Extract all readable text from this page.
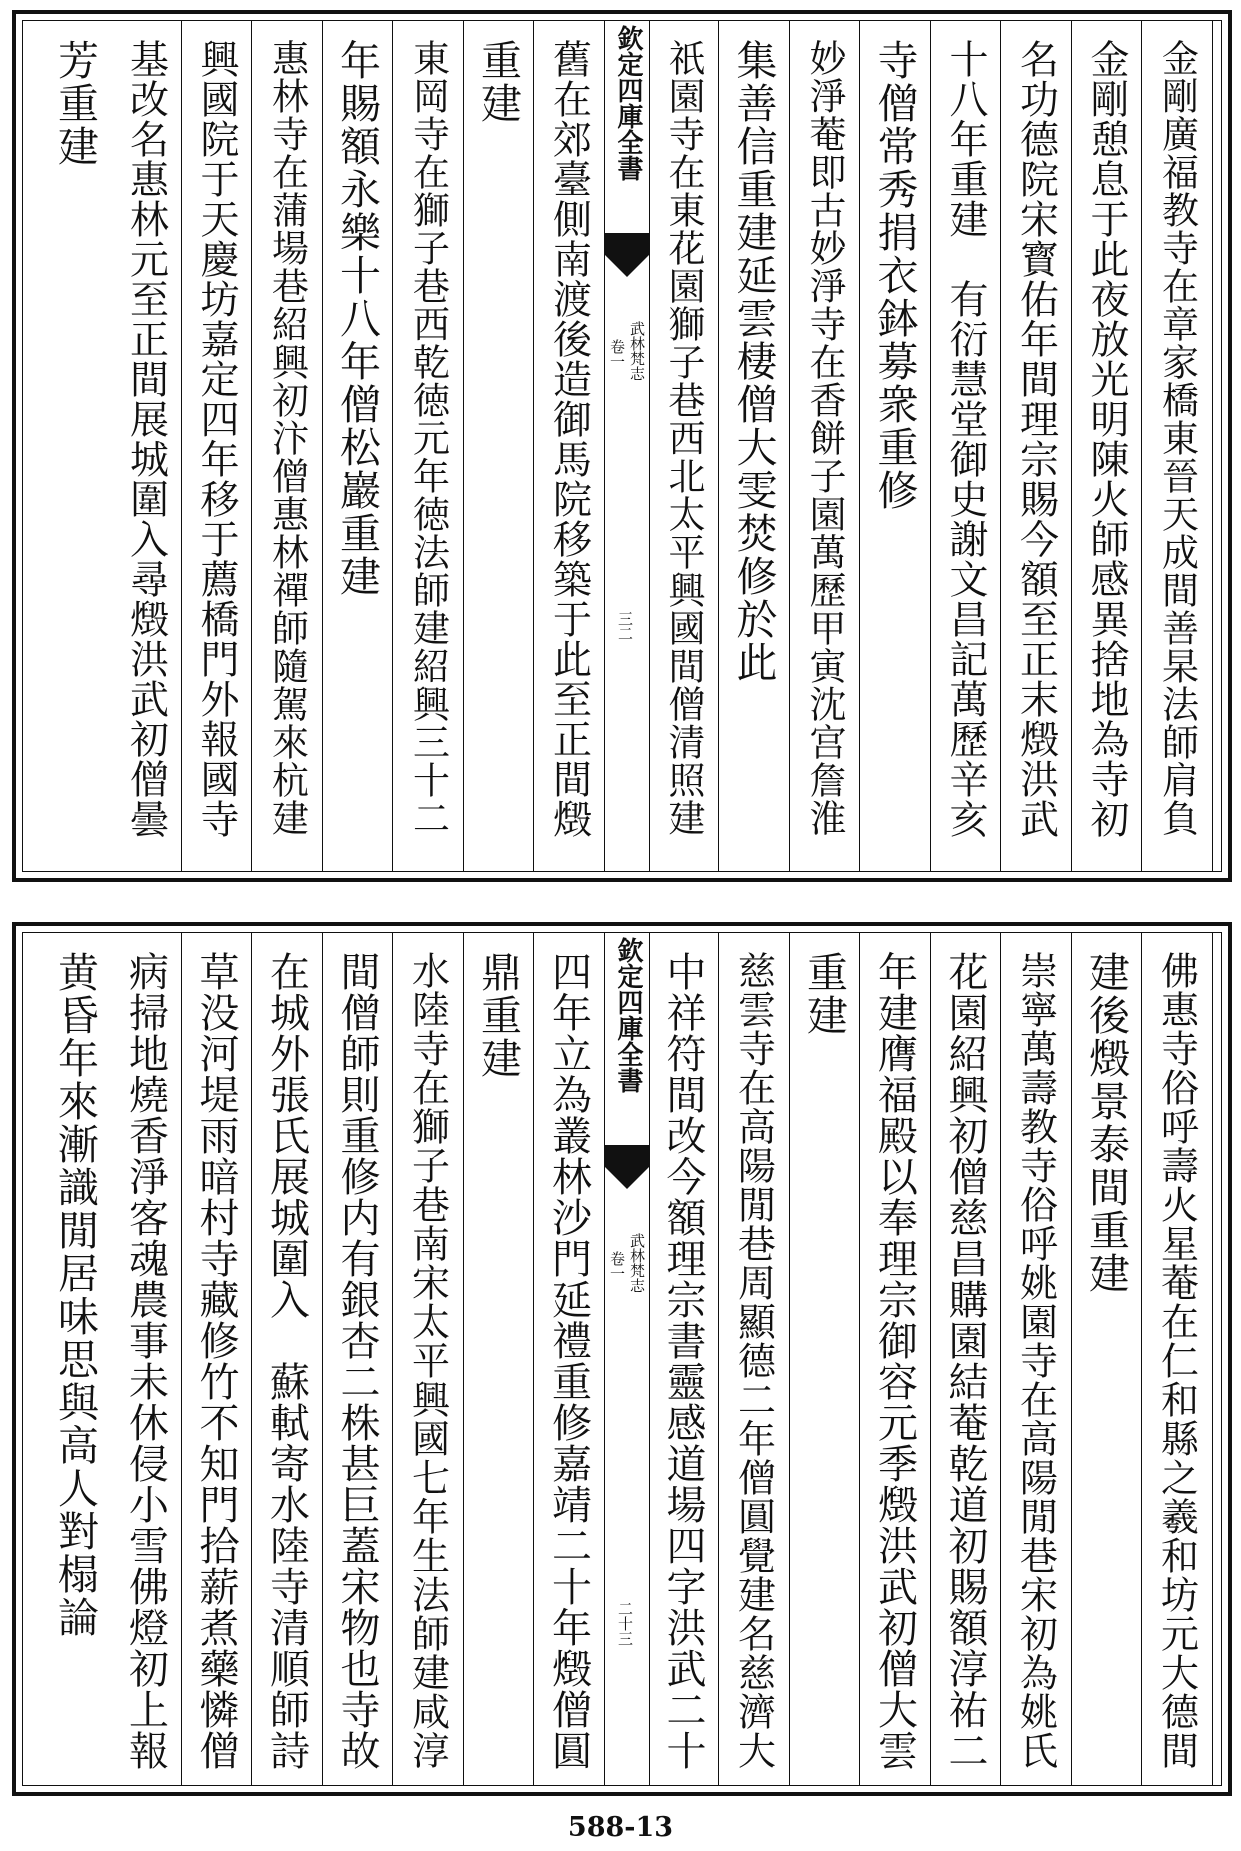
金剛廣福教寺在章家橋東晉天成間善杲法師肩負
金剛憩息于此夜放光明陳火師感異捨地為寺初
名功德院宋寳佑年間理宗賜今額至正末燬洪武
十八年重建　有衍慧堂御史謝文昌記萬歷辛亥
寺僧常秀捐衣鉢募衆重修
妙淨菴即古妙淨寺在香餅子園萬歷甲寅沈宫詹淮
集善信重建延雲棲僧大雯焚修於此
祇園寺在東花園獅子巷西北太平興國間僧清照建
欽定四庫全書
武林梵志
卷一
三二
舊在郊臺側南渡後造御馬院移築于此至正間燬
重建
東岡寺在獅子巷西乾徳元年徳法師建紹興三十二
年賜額永樂十八年僧松巖重建
惠林寺在蒲場巷紹興初汴僧惠林禪師隨駕來杭建
興國院于天慶坊嘉定四年移于薦橋門外報國寺
基改名惠林元至正間展城圍入尋燬洪武初僧曇
芳重建
佛惠寺俗呼壽火星菴在仁和縣之羲和坊元大德間
建後燬景泰間重建
崇寧萬壽教寺俗呼姚園寺在高陽閒巷宋初為姚氏
花園紹興初僧慈昌購園結菴乾道初賜額淳祐二
年建膺福殿以奉理宗御容元季燬洪武初僧大雲
重建
慈雲寺在高陽閒巷周顯德二年僧圓覺建名慈濟大
中祥符間改今額理宗書靈感道場四字洪武二十
欽定四庫全書
武林梵志
卷一
二十三
四年立為叢林沙門延禮重修嘉靖二十年燬僧圓
鼎重建
水陸寺在獅子巷南宋太平興國七年生法師建咸淳
間僧師則重修内有銀杏二株甚巨蓋宋物也寺故
在城外張氏展城圍入　蘇軾寄水陸寺清順師詩
草没河堤雨暗村寺藏修竹不知門拾薪煮藥憐僧
病掃地燒香淨客魂農事未休侵小雪佛燈初上報
黄昏年來漸識閒居味思與高人對榻論
588-13
